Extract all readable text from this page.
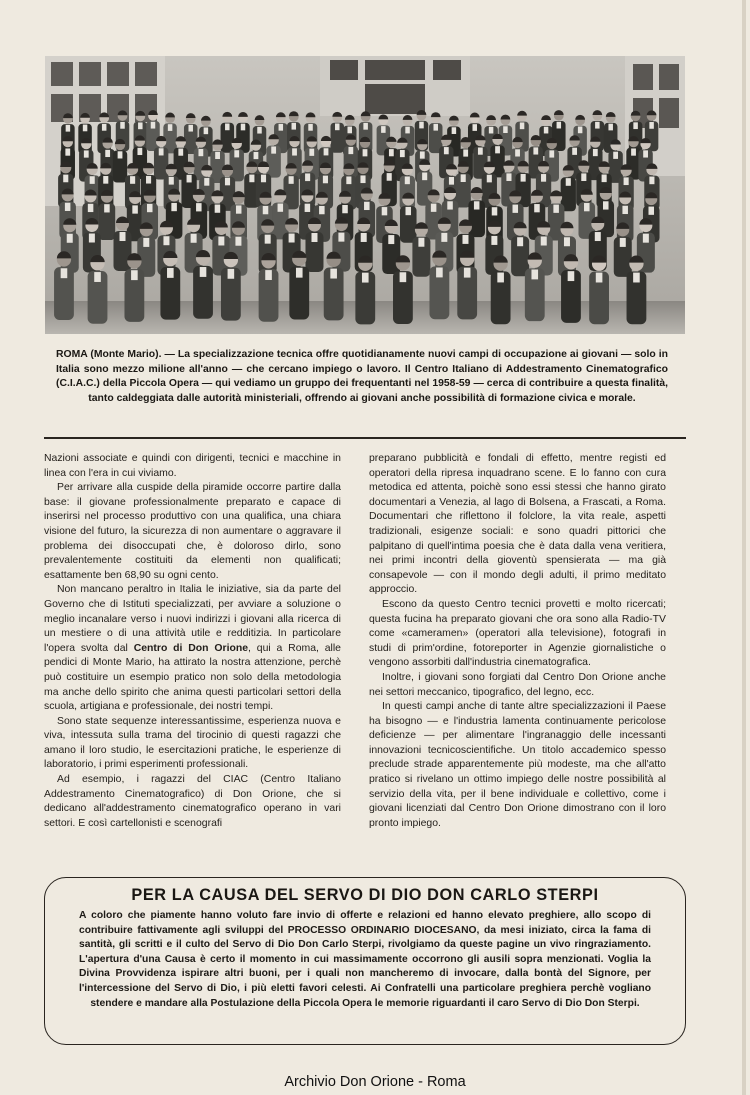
ROMA (Monte Mario). — La specializzazione tecnica offre quotidianamente nuovi campi di occupazione ai giovani — solo in Italia sono mezzo milione all'anno — che cercano impiego o lavoro. Il Centro Italiano di Addestramento Cinematografico (C.I.A.C.) della Piccola Opera — qui vediamo un gruppo dei frequentanti nel 1958-59 — cerca di contribuire a questa finalità, tanto caldeggiata dalle autorità ministeriali, offrendo ai giovani anche possibilità di formazione civica e morale.

Nazioni associate e quindi con dirigenti, tecnici e macchine in linea con l'era in cui viviamo.

Per arrivare alla cuspide della piramide occorre partire dalla base: il giovane professionalmente preparato e capace di inserirsi nel processo produttivo con una qualifica, una chiara visione del futuro, la sicurezza di non aumentare o aggravare il problema dei disoccupati che, è doloroso dirlo, sono prevalentemente costituiti da elementi non qualificati; esattamente ben 68,90 su ogni cento.

Non mancano peraltro in Italia le iniziative, sia da parte del Governo che di Istituti specializzati, per avviare a soluzione o meglio incanalare verso i nuovi indirizzi i giovani alla ricerca di un mestiere o di una attività utile e redditizia. In particolare l'opera svolta dal Centro di Don Orione, qui a Roma, alle pendici di Monte Mario, ha attirato la nostra attenzione, perchè può costituire un esempio pratico non solo della metodologia ma anche dello spirito che anima questi particolari settori della scuola, artigiana e professionale, dei nostri tempi.

Sono state sequenze interessantissime, esperienza nuova e viva, intessuta sulla trama del tirocinio di questi ragazzi che amano il loro studio, le esercitazioni pratiche, le esperienze di laboratorio, i primi esperimenti professionali.

Ad esempio, i ragazzi del CIAC (Centro Italiano Addestramento Cinematografico) di Don Orione, che si dedicano all'addestramento cinematografico operano in vari settori. E così cartellonisti e scenografi

preparano pubblicità e fondali di effetto, mentre registi ed operatori della ripresa inquadrano scene. E lo fanno con cura metodica ed attenta, poichè sono essi stessi che hanno girato documentari a Venezia, al lago di Bolsena, a Frascati, a Roma. Documentari che riflettono il folclore, la vita reale, aspetti tradizionali, esigenze sociali: e sono quadri pittorici che palpitano di quell'intima poesia che è data dalla vena veritiera, nei primi incontri della gioventù spensierata — ma già consapevole — con il mondo degli adulti, il primo meditato approccio.

Escono da questo Centro tecnici provetti e molto ricercati; questa fucina ha preparato giovani che ora sono alla Radio-TV come «cameramen» (operatori alla televisione), fotografi in studi di prim'ordine, fotoreporter in Agenzie giornalistiche o vengono assorbiti dall'industria cinematografica.

Inoltre, i giovani sono forgiati dal Centro Don Orione anche nei settori meccanico, tipografico, del legno, ecc.

In questi campi anche di tante altre specializzazioni il Paese ha bisogno — e l'industria lamenta continuamente pericolose deficienze — per alimentare l'ingranaggio delle incessanti innovazioni tecnicoscientifiche. Un titolo accademico spesso preclude strade apparentemente più modeste, ma che all'atto pratico si rivelano un ottimo impiego delle nostre possibilità al servizio della vita, per il bene individuale e collettivo, come i giovani licenziati dal Centro Don Orione dimostrano con il loro pronto impiego.

PER LA CAUSA DEL SERVO DI DIO DON CARLO STERPI

A coloro che piamente hanno voluto fare invio di offerte e relazioni ed hanno elevato preghiere, allo scopo di contribuire fattivamente agli sviluppi del PROCESSO ORDINARIO DIOCESANO, da mesi iniziato, circa la fama di santità, gli scritti e il culto del Servo di Dio Don Carlo Sterpi, rivolgiamo da queste pagine un vivo ringraziamento. L'apertura d'una Causa è certo il momento in cui massimamente occorrono gli ausili sopra menzionati. Voglia la Divina Provvidenza ispirare altri buoni, per i quali non mancheremo di invocare, dalla bontà del Signore, per l'intercessione del Servo di Dio, i più eletti favori celesti. Ai Confratelli una particolare preghiera perchè vogliano stendere e mandare alla Postulazione della Piccola Opera le memorie riguardanti il caro Servo di Dio Don Sterpi.

Archivio Don Orione - Roma
